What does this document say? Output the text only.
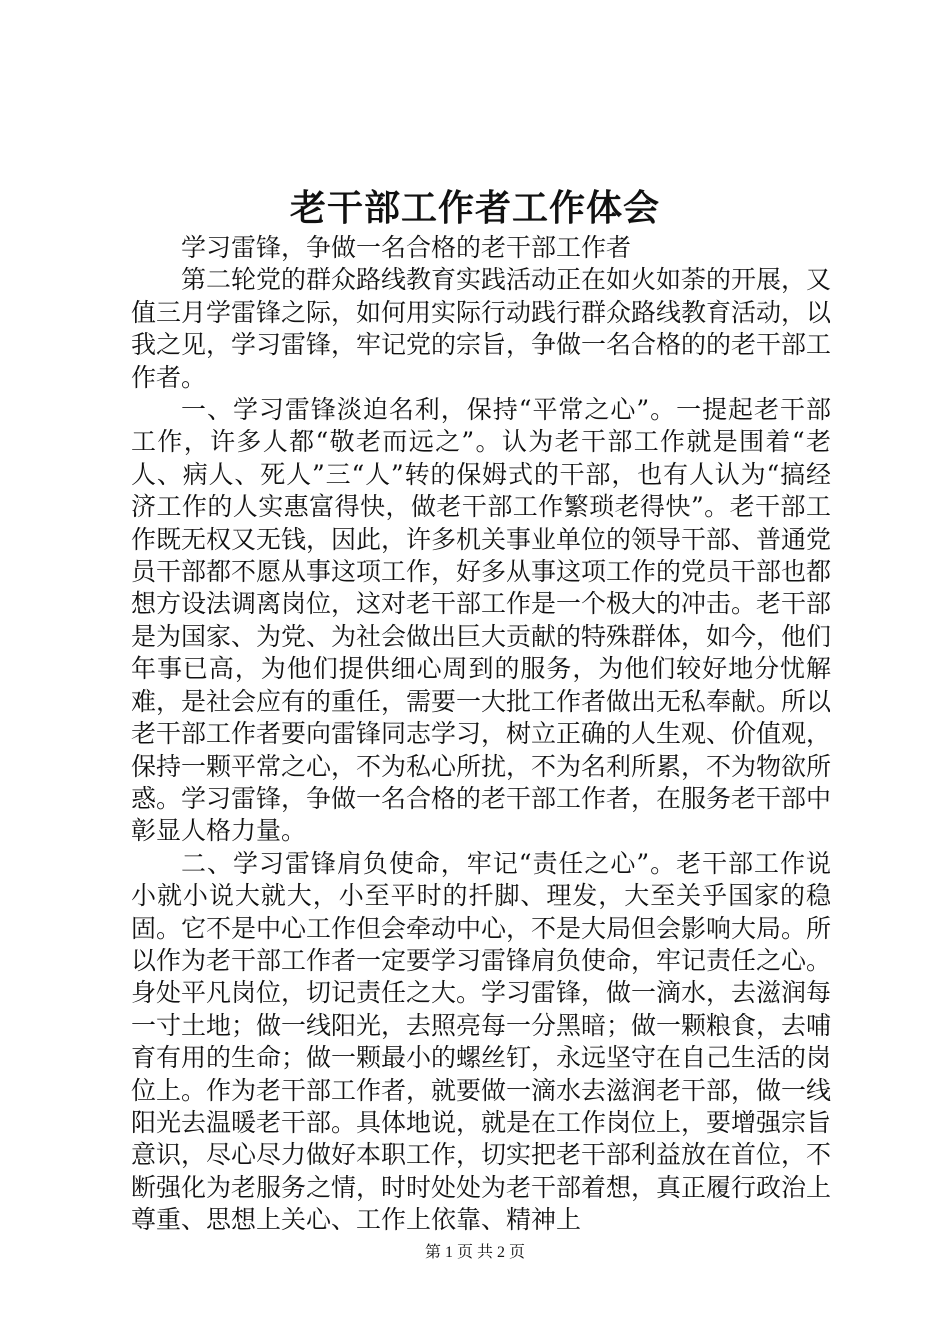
老干部工作者工作体会

学习雷锋，争做一名合格的老干部工作者

第二轮党的群众路线教育实践活动正在如火如荼的开展，又值三月学雷锋之际，如何用实际行动践行群众路线教育活动，以我之见，学习雷锋，牢记党的宗旨，争做一名合格的的老干部工作者。

一、学习雷锋淡迫名利，保持“平常之心”。一提起老干部工作，许多人都“敬老而远之”。认为老干部工作就是围着“老人、病人、死人”三“人”转的保姆式的干部，也有人认为“搞经济工作的人实惠富得快，做老干部工作繁琐老得快”。老干部工作既无权又无钱，因此，许多机关事业单位的领导干部、普通党员干部都不愿从事这项工作，好多从事这项工作的党员干部也都想方设法调离岗位，这对老干部工作是一个极大的冲击。老干部是为国家、为党、为社会做出巨大贡献的特殊群体，如今，他们年事已高，为他们提供细心周到的服务，为他们较好地分忧解难，是社会应有的重任，需要一大批工作者做出无私奉献。所以老干部工作者要向雷锋同志学习，树立正确的人生观、价值观，保持一颗平常之心，不为私心所扰，不为名利所累，不为物欲所惑。学习雷锋，争做一名合格的老干部工作者，在服务老干部中彰显人格力量。

二、学习雷锋肩负使命，牢记“责任之心”。老干部工作说小就小说大就大，小至平时的扦脚、理发，大至关乎国家的稳固。它不是中心工作但会牵动中心，不是大局但会影响大局。所以作为老干部工作者一定要学习雷锋肩负使命，牢记责任之心。身处平凡岗位，切记责任之大。学习雷锋，做一滴水，去滋润每一寸土地；做一线阳光，去照亮每一分黑暗；做一颗粮食，去哺育有用的生命；做一颗最小的螺丝钉，永远坚守在自己生活的岗位上。作为老干部工作者，就要做一滴水去滋润老干部，做一线阳光去温暖老干部。具体地说，就是在工作岗位上，要增强宗旨意识，尽心尽力做好本职工作，切实把老干部利益放在首位，不断强化为老服务之情，时时处处为老干部着想，真正履行政治上尊重、思想上关心、工作上依靠、精神上

第 1 页 共 2 页
